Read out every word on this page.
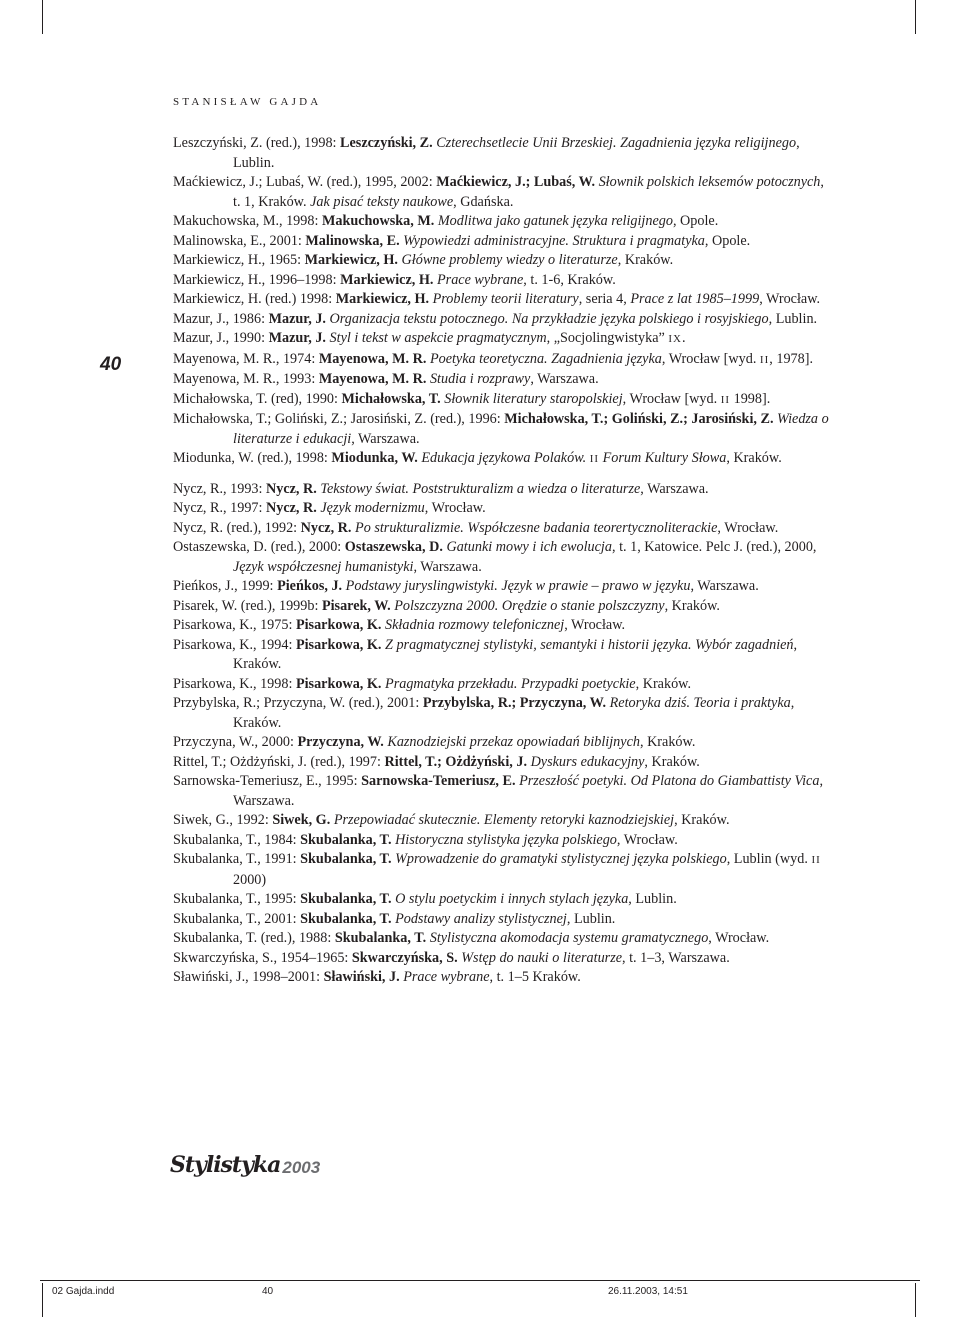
STANISŁAW GAJDA
40
Leszczyński, Z. (red.), 1998: Leszczyński, Z. Czterechsetlecie Unii Brzeskiej. Zagadnienia języka religijnego, Lublin.
Maćkiewicz, J.; Lubaś, W. (red.), 1995, 2002: Maćkiewicz, J.; Lubaś, W. Słownik polskich leksemów potocznych, t. 1, Kraków. Jak pisać teksty naukowe, Gdańska.
Makuchowska, M., 1998: Makuchowska, M. Modlitwa jako gatunek języka religijnego, Opole.
Malinowska, E., 2001: Malinowska, E. Wypowiedzi administracyjne. Struktura i pragmatyka, Opole.
Markiewicz, H., 1965: Markiewicz, H. Główne problemy wiedzy o literaturze, Kraków.
Markiewicz, H., 1996–1998: Markiewicz, H. Prace wybrane, t. 1-6, Kraków.
Markiewicz, H. (red.) 1998: Markiewicz, H. Problemy teorii literatury, seria 4, Prace z lat 1985–1999, Wrocław.
Mazur, J., 1986: Mazur, J. Organizacja tekstu potocznego. Na przykładzie języka polskiego i rosyjskiego, Lublin.
Mazur, J., 1990: Mazur, J. Styl i tekst w aspekcie pragmatycznym, „Socjolingwistyka” IX.
Mayenowa, M. R., 1974: Mayenowa, M. R. Poetyka teoretyczna. Zagadnienia języka, Wrocław [wyd. II, 1978].
Mayenowa, M. R., 1993: Mayenowa, M. R. Studia i rozprawy, Warszawa.
Michałowska, T. (red), 1990: Michałowska, T. Słownik literatury staropolskiej, Wrocław [wyd. II 1998].
Michałowska, T.; Goliński, Z.; Jarosiński, Z. (red.), 1996: Michałowska, T.; Goliński, Z.; Jarosiński, Z. Wiedza o literaturze i edukacji, Warszawa.
Miodunka, W. (red.), 1998: Miodunka, W. Edukacja językowa Polaków. II Forum Kultury Słowa, Kraków.
Nycz, R., 1993: Nycz, R. Tekstowy świat. Poststrukturalizm a wiedza o literaturze, Warszawa.
Nycz, R., 1997: Nycz, R. Język modernizmu, Wrocław.
Nycz, R. (red.), 1992: Nycz, R. Po strukturalizmie. Współczesne badania teorertycznoliterackie, Wrocław.
Ostaszewska, D. (red.), 2000: Ostaszewska, D. Gatunki mowy i ich ewolucja, t. 1, Katowice. Pelc J. (red.), 2000, Język współczesnej humanistyki, Warszawa.
Pieńkos, J., 1999: Pieńkos, J. Podstawy juryslingwistyki. Język w prawie – prawo w języku, Warszawa.
Pisarek, W. (red.), 1999b: Pisarek, W. Polszczyzna 2000. Orędzie o stanie polszczyzny, Kraków.
Pisarkowa, K., 1975: Pisarkowa, K. Składnia rozmowy telefonicznej, Wrocław.
Pisarkowa, K., 1994: Pisarkowa, K. Z pragmatycznej stylistyki, semantyki i historii języka. Wybór zagadnień, Kraków.
Pisarkowa, K., 1998: Pisarkowa, K. Pragmatyka przekładu. Przypadki poetyckie, Kraków.
Przybylska, R.; Przyczyna, W. (red.), 2001: Przybylska, R.; Przyczyna, W. Retoryka dziś. Teoria i praktyka, Kraków.
Przyczyna, W., 2000: Przyczyna, W. Kaznodziejski przekaz opowiadań biblijnych, Kraków.
Rittel, T.; Ożdżyński, J. (red.), 1997: Rittel, T.; Ożdżyński, J. Dyskurs edukacyjny, Kraków.
Sarnowska-Temeriusz, E., 1995: Sarnowska-Temeriusz, E. Przeszłość poetyki. Od Platona do Giambattisty Vica, Warszawa.
Siwek, G., 1992: Siwek, G. Przepowiadać skutecznie. Elementy retoryki kaznodziejskiej, Kraków.
Skubalanka, T., 1984: Skubalanka, T. Historyczna stylistyka języka polskiego, Wrocław.
Skubalanka, T., 1991: Skubalanka, T. Wprowadzenie do gramatyki stylistycznej języka polskiego, Lublin (wyd. II 2000)
Skubalanka, T., 1995: Skubalanka, T. O stylu poetyckim i innych stylach języka, Lublin.
Skubalanka, T., 2001: Skubalanka, T. Podstawy analizy stylistycznej, Lublin.
Skubalanka, T. (red.), 1988: Skubalanka, T. Stylistyczna akomodacja systemu gramatycznego, Wrocław.
Skwarczyńska, S., 1954–1965: Skwarczyńska, S. Wstęp do nauki o literaturze, t. 1–3, Warszawa.
Sławiński, J., 1998–2001: Sławiński, J. Prace wybrane, t. 1–5 Kraków.
Stylistyka 2003
02 Gajda.indd	40	26.11.2003, 14:51
